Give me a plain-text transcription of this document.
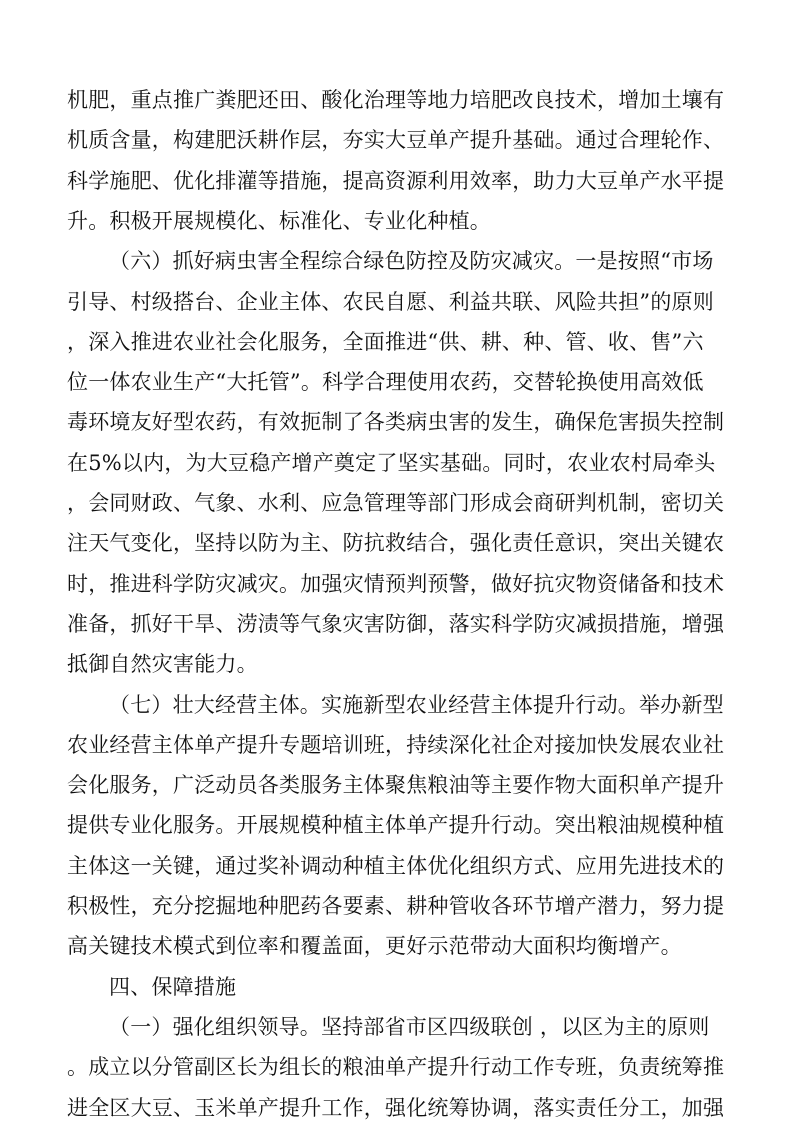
机肥，重点推广粪肥还田、酸化治理等地力培肥改良技术，增加土壤有
机质含量，构建肥沃耕作层，夯实大豆单产提升基础。通过合理轮作、
科学施肥、优化排灌等措施，提高资源利用效率，助力大豆单产水平提
升。积极开展规模化、标准化、专业化种植。
（六）抓好病虫害全程综合绿色防控及防灾减灾。一是按照“市场
引导、村级搭台、企业主体、农民自愿、利益共联、风险共担”的原则
，深入推进农业社会化服务，全面推进“供、耕、种、管、收、售”六
位一体农业生产“大托管”。科学合理使用农药，交替轮换使用高效低
毒环境友好型农药，有效扼制了各类病虫害的发生，确保危害损失控制
在5%以内，为大豆稳产增产奠定了坚实基础。同时，农业农村局牵头
，会同财政、气象、水利、应急管理等部门形成会商研判机制，密切关
注天气变化，坚持以防为主、防抗救结合，强化责任意识，突出关键农
时，推进科学防灾减灾。加强灾情预判预警，做好抗灾物资储备和技术
准备，抓好干旱、涝渍等气象灾害防御，落实科学防灾减损措施，增强
抵御自然灾害能力。
（七）壮大经营主体。实施新型农业经营主体提升行动。举办新型
农业经营主体单产提升专题培训班，持续深化社企对接加快发展农业社
会化服务，广泛动员各类服务主体聚焦粮油等主要作物大面积单产提升
提供专业化服务。开展规模种植主体单产提升行动。突出粮油规模种植
主体这一关键，通过奖补调动种植主体优化组织方式、应用先进技术的
积极性，充分挖掘地种肥药各要素、耕种管收各环节增产潜力，努力提
高关键技术模式到位率和覆盖面，更好示范带动大面积均衡增产。
四、保障措施
（一）强化组织领导。坚持部省市区四级联创 ，以区为主的原则
。成立以分管副区长为组长的粮油单产提升行动工作专班，负责统筹推
进全区大豆、玉米单产提升工作，强化统筹协调，落实责任分工，加强
